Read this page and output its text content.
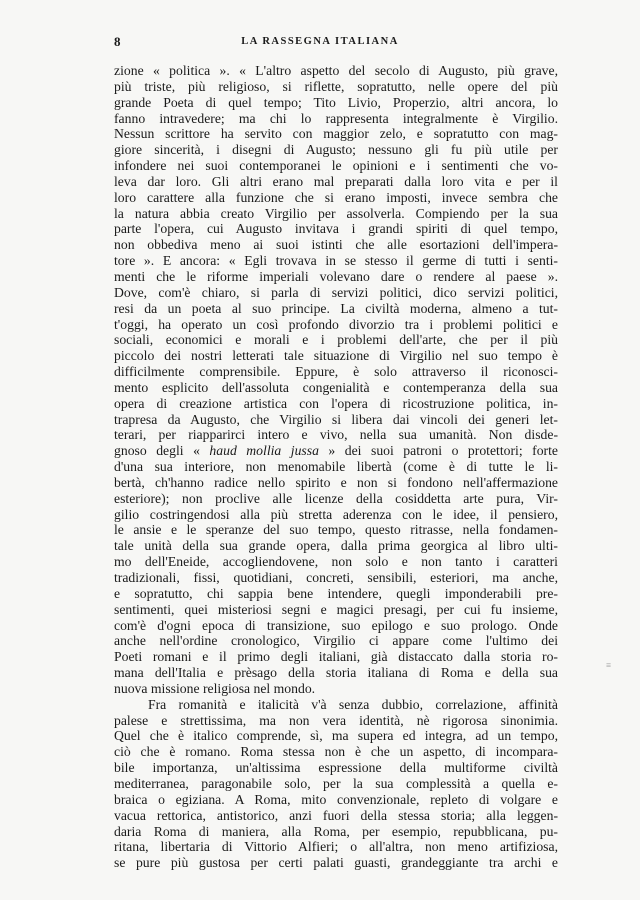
8	LA RASSEGNA ITALIANA
zione « politica ». « L'altro aspetto del secolo di Augusto, più grave,
più triste, più religioso, si riflette, sopratutto, nelle opere del più
grande Poeta di quel tempo; Tito Livio, Properzio, altri ancora, lo
fanno intravedere; ma chi lo rappresenta integralmente è Virgilio.
Nessun scrittore ha servito con maggior zelo, e sopratutto con mag-
giore sincerità, i disegni di Augusto; nessuno gli fu più utile per
infondere nei suoi contemporanei le opinioni e i sentimenti che vo-
leva dar loro. Gli altri erano mal preparati dalla loro vita e per il
loro carattere alla funzione che si erano imposti, invece sembra che
la natura abbia creato Virgilio per assolverla. Compiendo per la sua
parte l'opera, cui Augusto invitava i grandi spiriti di quel tempo,
non obbediva meno ai suoi istinti che alle esortazioni dell'impera-
tore ». E ancora: « Egli trovava in se stesso il germe di tutti i senti-
menti che le riforme imperiali volevano dare o rendere al paese ».
Dove, com'è chiaro, si parla di servizi politici, dico servizi politici,
resi da un poeta al suo principe. La civiltà moderna, almeno a tut-
t'oggi, ha operato un così profondo divorzio tra i problemi politici e
sociali, economici e morali e i problemi dell'arte, che per il più
piccolo dei nostri letterati tale situazione di Virgilio nel suo tempo è
difficilmente comprensibile. Eppure, è solo attraverso il riconosci-
mento esplicito dell'assoluta congenialità e contemperanza della sua
opera di creazione artistica con l'opera di ricostruzione politica, in-
trapresa da Augusto, che Virgilio si libera dai vincoli dei generi let-
terari, per riapparirci intero e vivo, nella sua umanità. Non disde-
gnoso degli « haud mollia jussa » dei suoi patroni o protettori; forte
d'una sua interiore, non menomabile libertà (come è di tutte le li-
bertà, ch'hanno radice nello spirito e non si fondono nell'affermazione
esteriore); non proclive alle licenze della cosiddetta arte pura, Vir-
gilio costringendosi alla più stretta aderenza con le idee, il pensiero,
le ansie e le speranze del suo tempo, questo ritrasse, nella fondamen-
tale unità della sua grande opera, dalla prima georgica al libro ulti-
mo dell'Eneide, accogliendovene, non solo e non tanto i caratteri
tradizionali, fissi, quotidiani, concreti, sensibili, esteriori, ma anche,
e sopratutto, chi sappia bene intendere, quegli imponderabili pre-
sentimenti, quei misteriosi segni e magici presagi, per cui fu insieme,
com'è d'ogni epoca di transizione, suo epilogo e suo prologo. Onde
anche nell'ordine cronologico, Virgilio ci appare come l'ultimo dei
Poeti romani e il primo degli italiani, già distaccato dalla storia ro-
mana dell'Italia e prèsago della storia italiana di Roma e della sua
nuova missione religiosa nel mondo.
Fra romanità e italicità v'à senza dubbio, correlazione, affinità
palese e strettissima, ma non vera identità, nè rigorosa sinonimia.
Quel che è italico comprende, sì, ma supera ed integra, ad un tempo,
ciò che è romano. Roma stessa non è che un aspetto, di incompara-
bile importanza, un'altissima espressione della multiforme civiltà
mediterranea, paragonabile solo, per la sua complessità a quella e-
braica o egiziana. A Roma, mito convenzionale, repleto di volgare e
vacua rettorica, antistorico, anzi fuori della stessa storia; alla leggen-
daria Roma di maniera, alla Roma, per esempio, repubblicana, pu-
ritana, libertaria di Vittorio Alfieri; o all'altra, non meno artifiziosa,
se pure più gustosa per certi palati guasti, grandeggiante tra archi e
≡
